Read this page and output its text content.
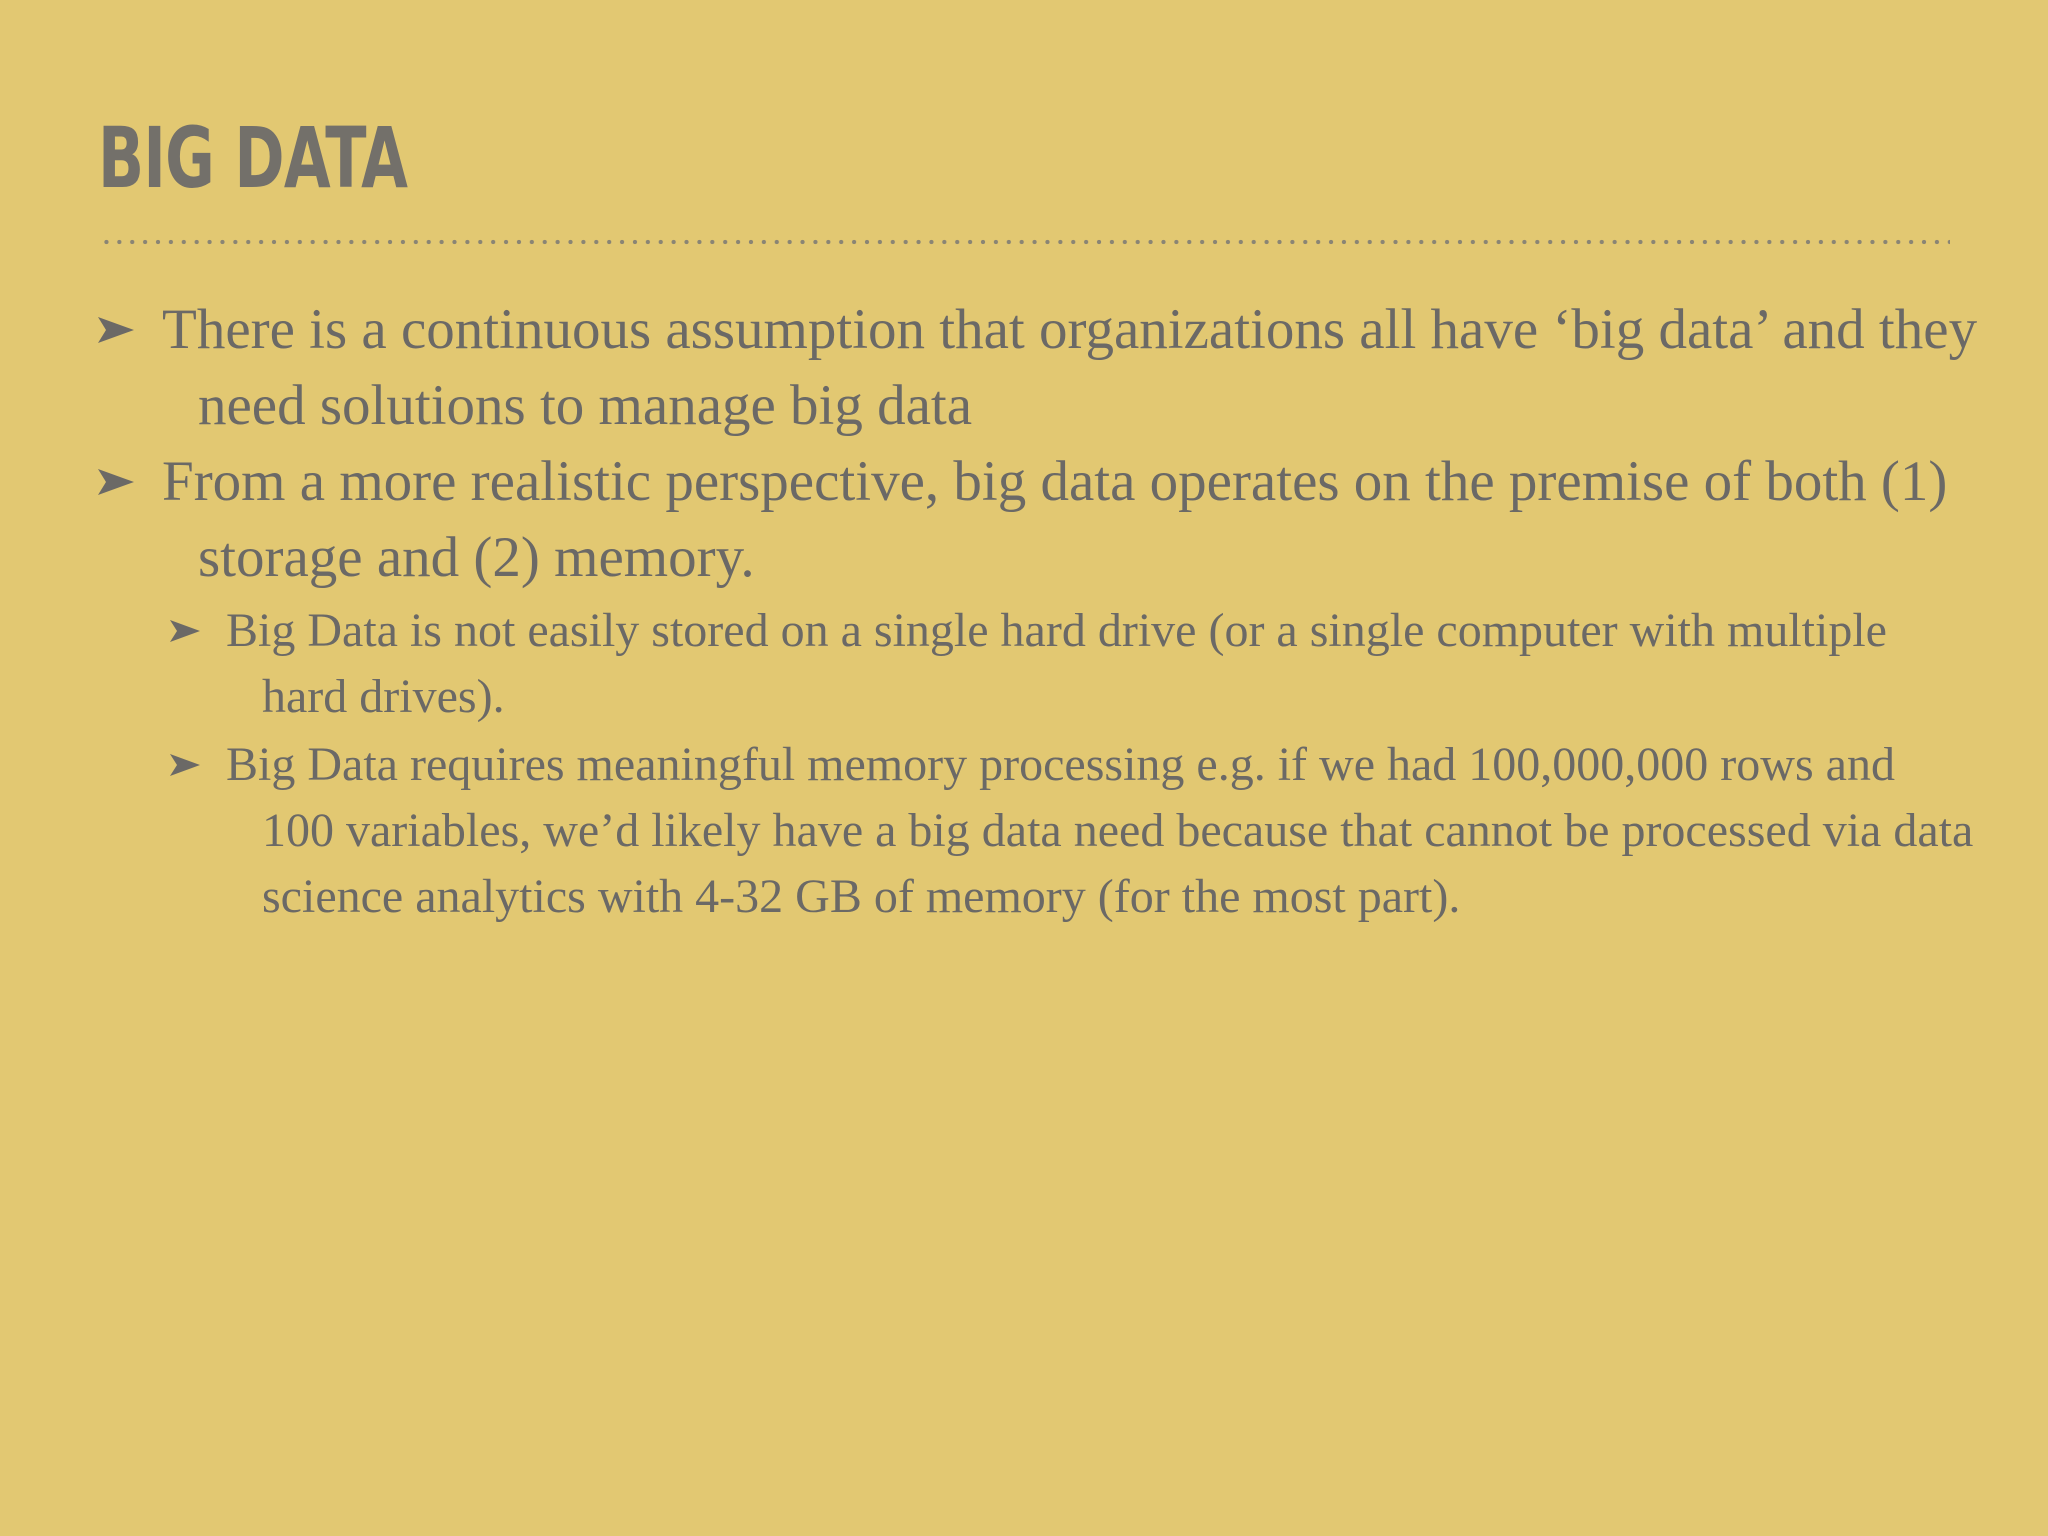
BIG DATA
There is a continuous assumption that organizations all have ‘big data’ and they need solutions to manage big data
From a more realistic perspective, big data operates on the premise of both (1) storage and (2) memory.
Big Data is not easily stored on a single hard drive (or a single computer with multiple hard drives).
Big Data requires meaningful memory processing e.g. if we had 100,000,000 rows and 100 variables, we’d likely have a big data need because that cannot be processed via data science analytics with 4-32 GB of memory (for the most part).
